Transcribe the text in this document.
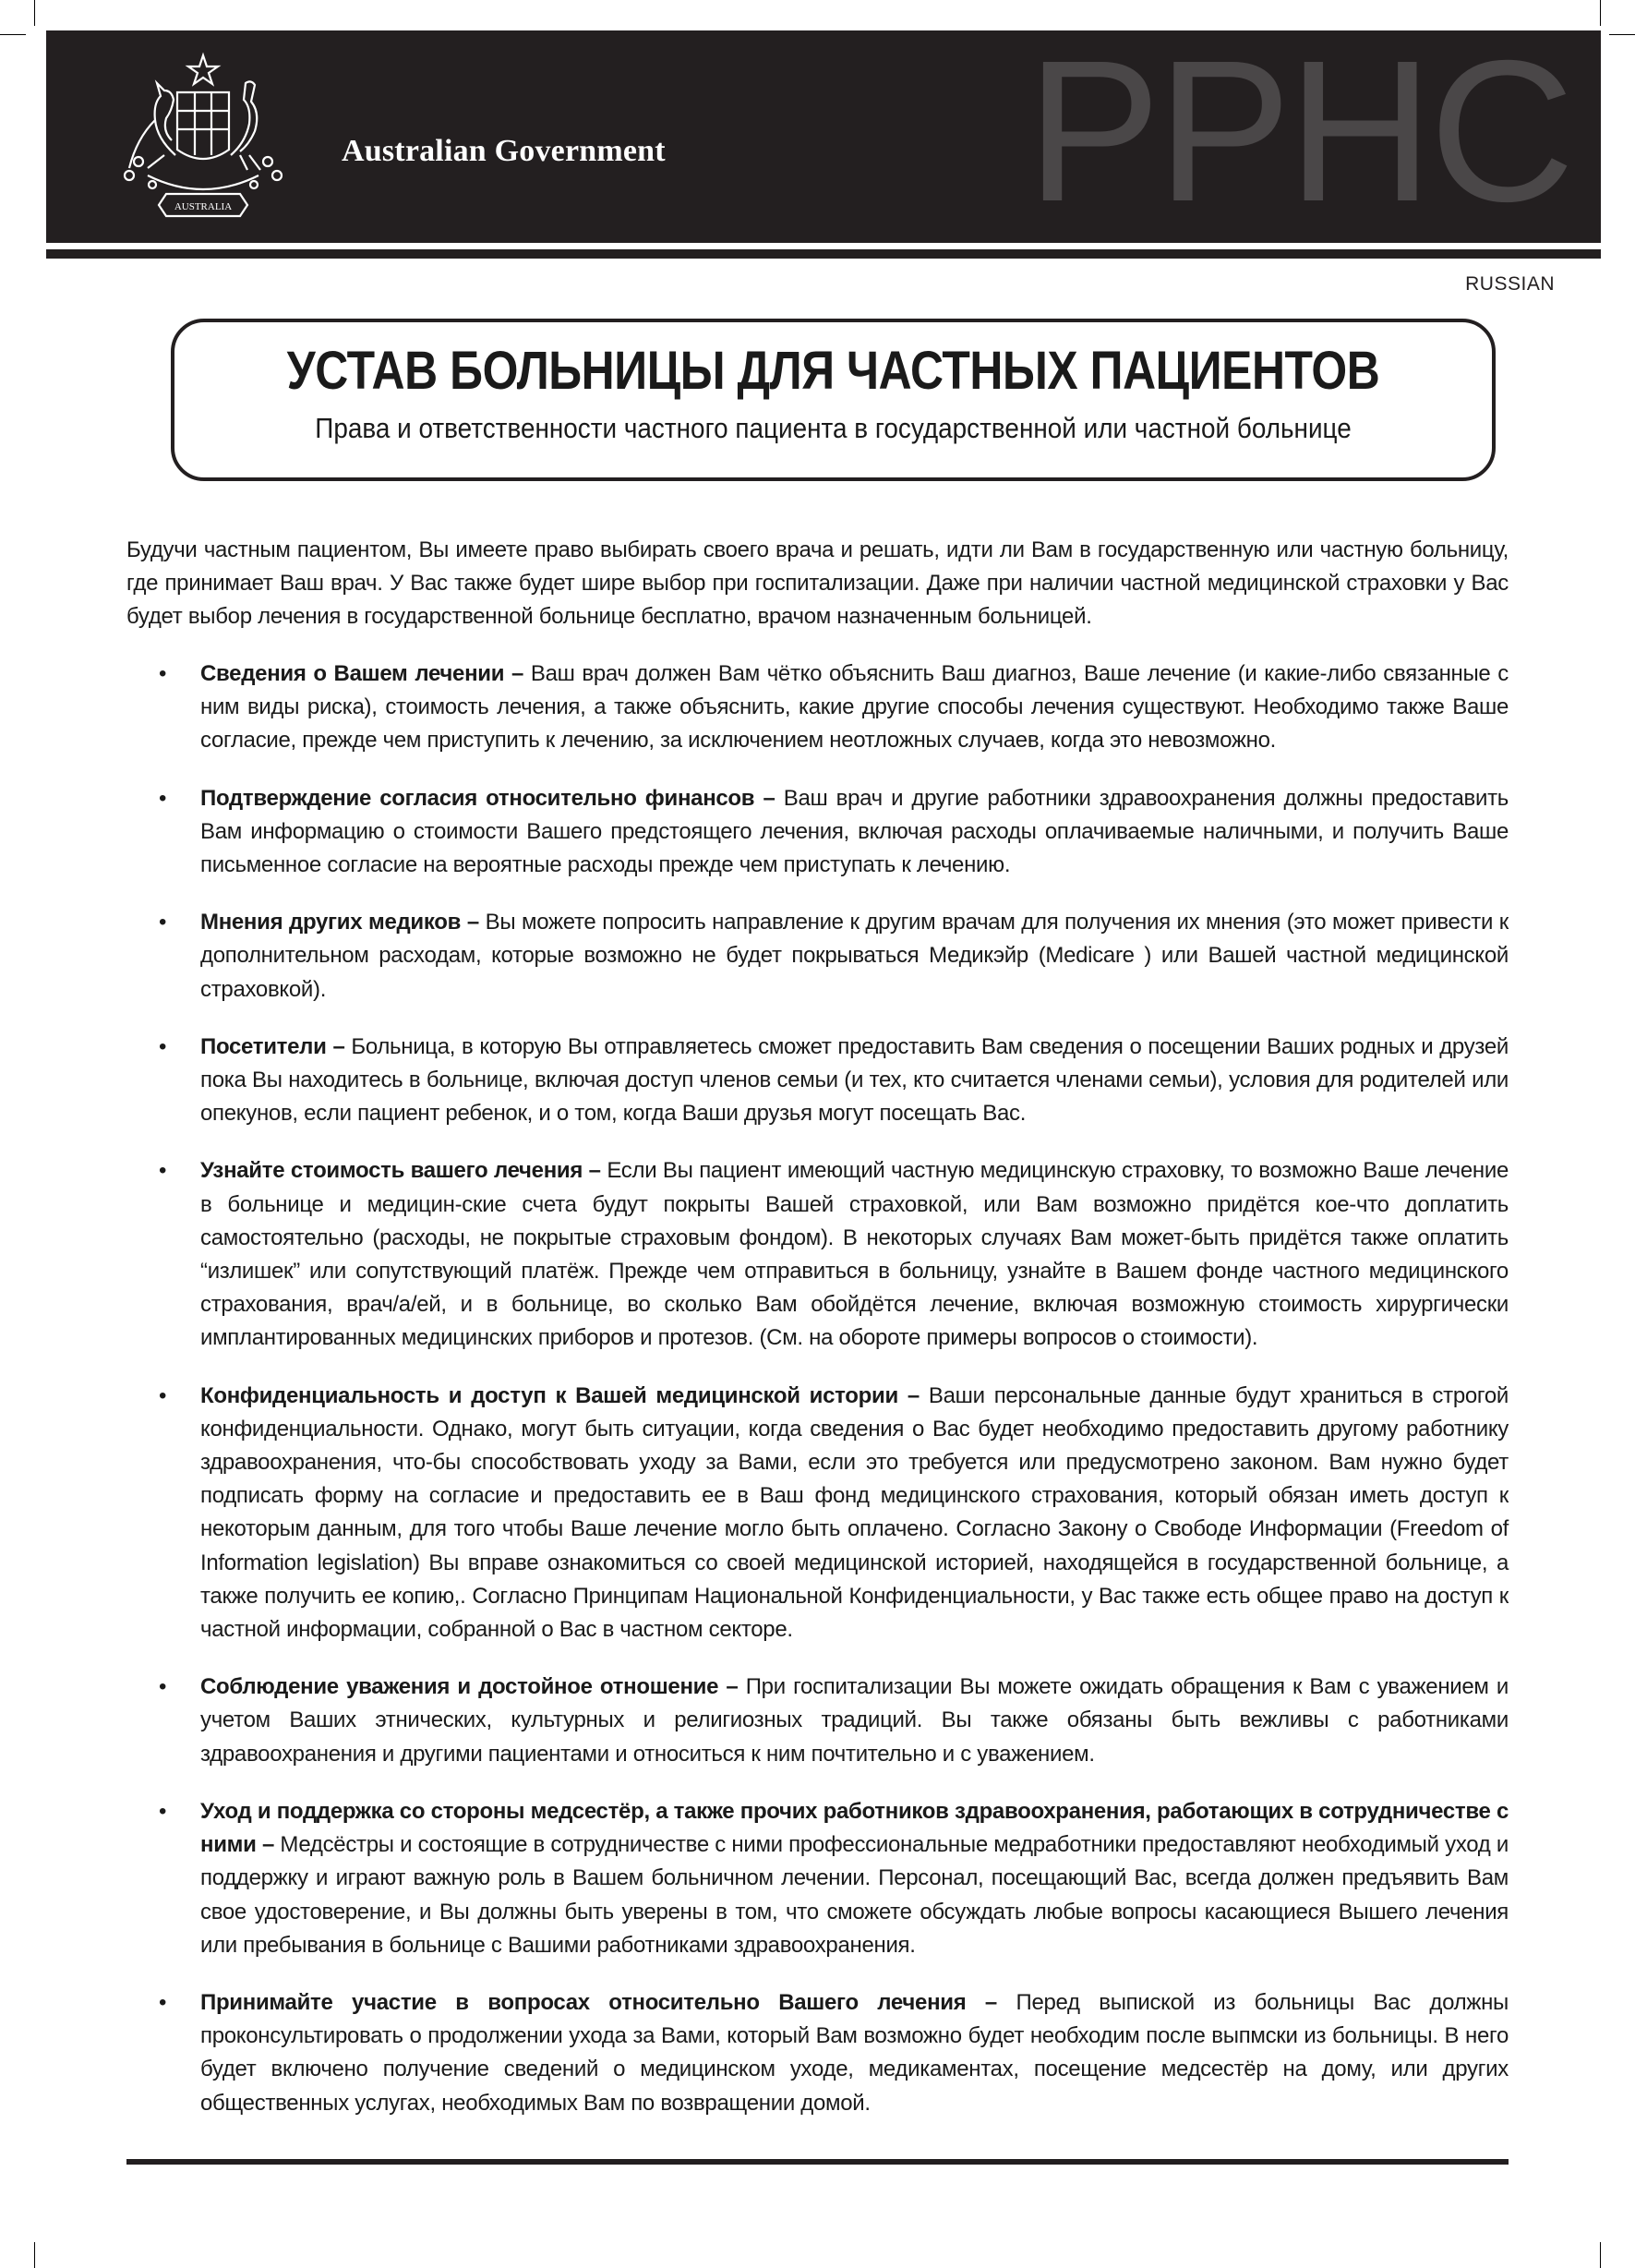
AUSTRALIA
Australian Government PPHC
RUSSIAN
УСТАВ БОЛЬНИЦЫ ДЛЯ ЧАСТНЫХ ПАЦИЕНТОВ
Права и ответственности частного пациента в государственной или частной больнице

Будучи частным пациентом, Вы имеете право выбирать своего врача и решать, идти ли Вам в государственную или частную больницу, где принимает Ваш врач. У Вас также будет шире выбор при госпитализации. Даже при наличии частной медицинской страховки у Вас будет выбор лечения в государственной больнице бесплатно, врачом назначенным больницей.

• Сведения о Вашем лечении – Ваш врач должен Вам чётко объяснить Ваш диагноз, Ваше лечение (и какие-либо связанные с ним виды риска), стоимость лечения, а также объяснить, какие другие способы лечения существуют. Необходимо также Ваше согласие, прежде чем приступить к лечению, за исключением неотложных случаев, когда это невозможно.
• Подтверждение согласия относительно финансов – Ваш врач и другие работники здравоохранения должны предоставить Вам информацию о стоимости Вашего предстоящего лечения, включая расходы оплачиваемые наличными, и получить Ваше письменное согласие на вероятные расходы прежде чем приступать к лечению.
• Мнения других медиков – Вы можете попросить направление к другим врачам для получения их мнения (это может привести к дополнительном расходам, которые возможно не будет покрываться Медикэйр (Medicare ) или Вашей частной медицинской страховкой).
• Посетители – Больница, в которую Вы отправляетесь сможет предоставить Вам сведения о посещении Ваших родных и друзей пока Вы находитесь в больнице, включая доступ членов семьи (и тех, кто считается членами семьи), условия для родителей или опекунов, если пациент ребенок, и о том, когда Ваши друзья могут посещать Вас.
• Узнайте стоимость вашего лечения – Если Вы пациент имеющий частную медицинскую страховку, то возможно Ваше лечение в больнице и медицин-ские счета будут покрыты Вашей страховкой, или Вам возможно придётся кое-что доплатить самостоятельно (расходы, не покрытые страховым фондом). В некоторых случаях Вам может-быть придётся также оплатить “излишек” или сопутствующий платёж. Прежде чем отправиться в больницу, узнайте в Вашем фонде частного медицинского страхования, врач/а/ей, и в больнице, во сколько Вам обойдётся лечение, включая возможную стоимость хирургически имплантированных медицинских приборов и протезов. (См. на обороте примеры вопросов о стоимости).
• Конфиденциальность и доступ к Вашей медицинской истории – Ваши персональные данные будут храниться в строгой конфиденциальности. Однако, могут быть ситуации, когда сведения о Вас будет необходимо предоставить другому работнику здравоохранения, что-бы способствовать уходу за Вами, если это требуется или предусмотрено законом. Вам нужно будет подписать форму на согласие и предоставить ее в Ваш фонд медицинского страхования, который обязан иметь доступ к некоторым данным, для того чтобы Ваше лечение могло быть оплачено. Согласно Закону о Свободе Информации (Freedom of Information legislation) Вы вправе ознакомиться со своей медицинской историей, находящейся в государственной больнице, а также получить ее копию,. Согласно Принципам Национальной Конфиденциальности, у Вас также есть общее право на доступ к частной информации, собранной о Вас в частном секторе.
• Соблюдение уважения и достойное отношение – При госпитализации Вы можете ожидать обращения к Вам с уважением и учетом Ваших этнических, культурных и религиозных традиций. Вы также обязаны быть вежливы с работниками здравоохранения и другими пациентами и относиться к ним почтительно и с уважением.
• Уход и поддержка со стороны медсестёр, а также прочих работников здравоохранения, работающих в сотрудничестве с ними – Медсёстры и состоящие в сотрудничестве с ними профессиональные медработники предоставляют необходимый уход и поддержку и играют важную роль в Вашем больничном лечении. Персонал, посещающий Вас, всегда должен предъявить Вам свое удостоверение, и Вы должны быть уверены в том, что сможете обсуждать любые вопросы касающиеся Вышего лечения или пребывания в больнице с Вашими работниками здравоохранения.
• Принимайте участие в вопросах относительно Вашего лечения – Перед выпиской из больницы Вас должны проконсультировать о продолжении ухода за Вами, который Вам возможно будет необходим после выпмски из больницы. В него будет включено получение сведений о медицинском уходе, медикаментах, посещение медсестёр на дому, или других общественных услугах, необходимых Вам по возвращении домой.
